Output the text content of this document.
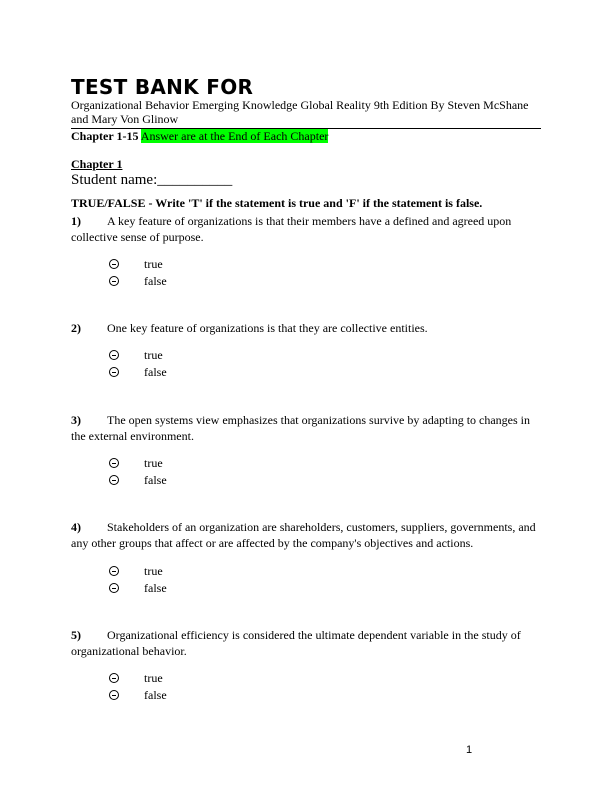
TEST BANK FOR
Organizational Behavior Emerging Knowledge Global Reality 9th Edition By Steven McShane and Mary Von Glinow
Chapter 1-15 Answer are at the End of Each Chapter
Chapter 1
Student name:__________
TRUE/FALSE - Write 'T' if the statement is true and 'F' if the statement is false.
1) A key feature of organizations is that their members have a defined and agreed upon collective sense of purpose.
true
false
2) One key feature of organizations is that they are collective entities.
true
false
3) The open systems view emphasizes that organizations survive by adapting to changes in the external environment.
true
false
4) Stakeholders of an organization are shareholders, customers, suppliers, governments, and any other groups that affect or are affected by the company's objectives and actions.
true
false
5) Organizational efficiency is considered the ultimate dependent variable in the study of organizational behavior.
true
false
1
